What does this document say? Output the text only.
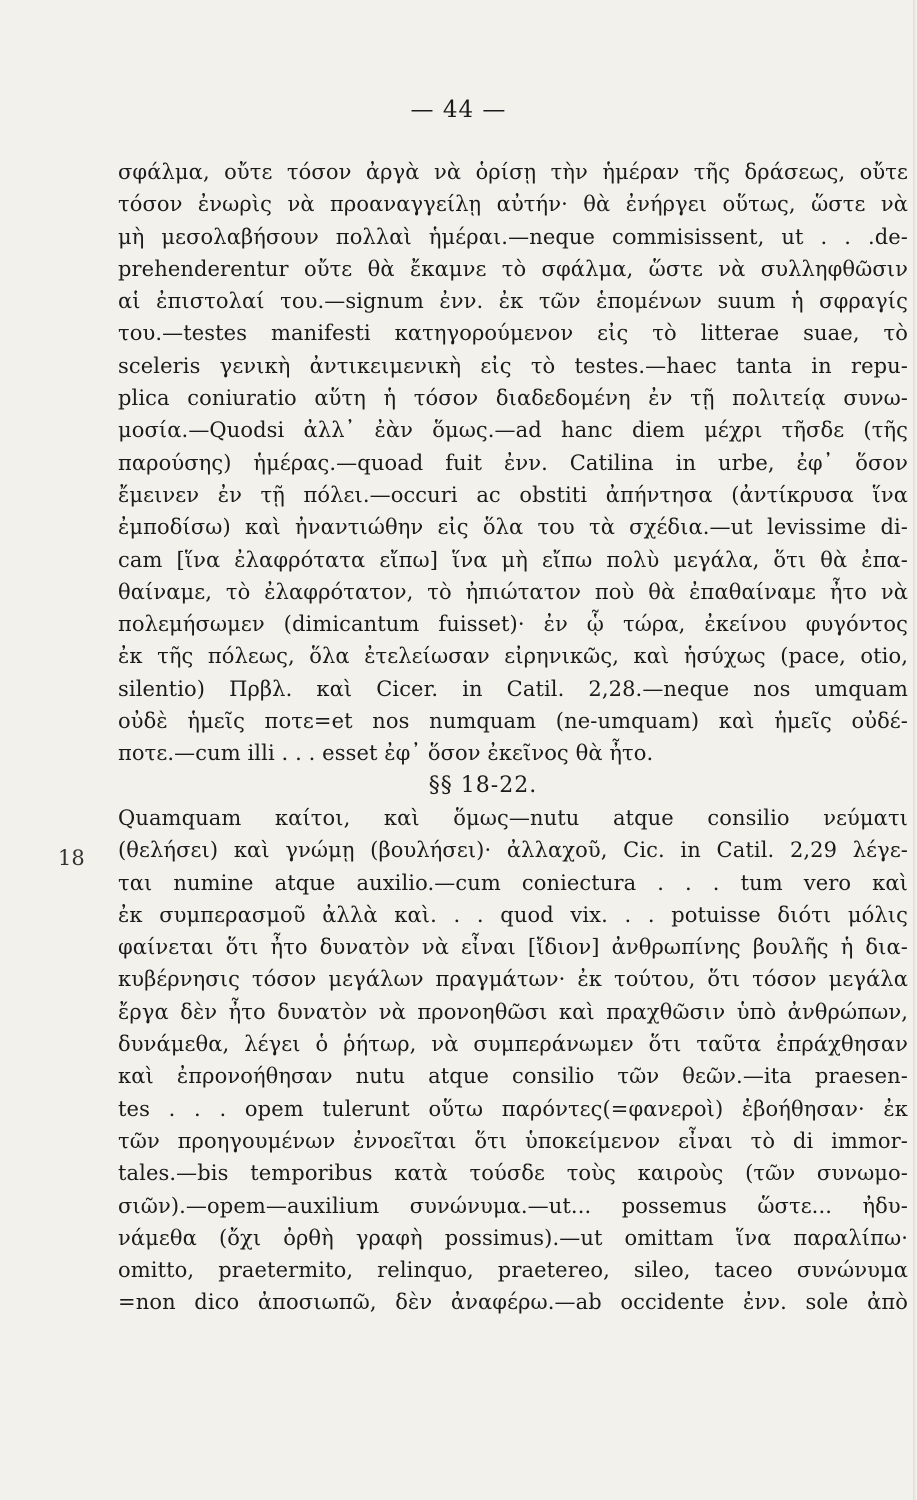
— 44 —
18
σφάλμα, οὔτε τόσον ἀργὰ νὰ ὁρίσῃ τὴν ἡμέραν τῆς δράσεως, οὔτε
τόσον ἐνωρὶς νὰ προαναγγείλῃ αὐτήν· θὰ ἐνήργει οὕτως, ὥστε νὰ
μὴ μεσολαβήσουν πολλαὶ ἡμέραι.—neque commisissent, ut . . .de-
prehenderentur οὔτε θὰ ἔκαμνε τὸ σφάλμα, ὥστε νὰ συλληφθῶσιν
αἱ ἐπιστολαί του.—signum ἐνν. ἐκ τῶν ἑπομένων suum ἡ σφραγίς
του.—testes manifesti κατηγορούμενον εἰς τὸ litterae suae, τὸ
sceleris γενικὴ ἀντικειμενικὴ εἰς τὸ testes.—haec tanta in repu-
plica coniuratio αὕτη ἡ τόσον διαδεδομένη ἐν τῇ πολιτείᾳ συνω-
μοσία.—Quodsi ἀλλ᾽ ἐὰν ὅμως.—ad hanc diem μέχρι τῆσδε (τῆς
παρούσης) ἡμέρας.—quoad fuit ἐνν. Catilina in urbe, ἐφ᾽ ὅσον
ἔμεινεν ἐν τῇ πόλει.—occuri ac obstiti ἀπήντησα (ἀντίκρυσα ἵνα
ἐμποδίσω) καὶ ἠναντιώθην εἰς ὅλα του τὰ σχέδια.—ut levissime di-
cam [ἵνα ἐλαφρότατα εἴπω] ἵνα μὴ εἴπω πολὺ μεγάλα, ὅτι θὰ ἐπα-
θαίναμε, τὸ ἐλαφρότατον, τὸ ἠπιώτατον ποὺ θὰ ἐπαθαίναμε ἦτο νὰ
πολεμήσωμεν (dimicantum fuisset)· ἐν ᾧ τώρα, ἐκείνου φυγόντος
ἐκ τῆς πόλεως, ὅλα ἐτελείωσαν εἰρηνικῶς, καὶ ἡσύχως (pace, otio,
silentio) Πρβλ. καὶ Cicer. in Catil. 2,28.—neque nos umquam
οὐδὲ ἡμεῖς ποτε=et nos numquam (ne-umquam) καὶ ἡμεῖς οὐδέ-
ποτε.—cum illi . . . esset ἐφ᾽ ὅσον ἐκεῖνος θὰ ἦτο.
§§ 18-22.
Quamquam καίτοι, καὶ ὅμως—nutu atque consilio νεύματι
(θελήσει) καὶ γνώμῃ (βουλήσει)· ἀλλαχοῦ, Cic. in Catil. 2,29 λέγε-
ται numine atque auxilio.—cum coniectura . . . tum vero καὶ
ἐκ συμπερασμοῦ ἀλλὰ καὶ. . . quod vix. . . potuisse διότι μόλις
φαίνεται ὅτι ἦτο δυνατὸν νὰ εἶναι [ἴδιον] ἀνθρωπίνης βουλῆς ἡ δια-
κυβέρνησις τόσον μεγάλων πραγμάτων· ἐκ τούτου, ὅτι τόσον μεγάλα
ἔργα δὲν ἦτο δυνατὸν νὰ προνοηθῶσι καὶ πραχθῶσιν ὑπὸ ἀνθρώπων,
δυνάμεθα, λέγει ὁ ῥήτωρ, νὰ συμπεράνωμεν ὅτι ταῦτα ἐπράχθησαν
καὶ ἐπρονοήθησαν nutu atque consilio τῶν θεῶν.—ita praesen-
tes . . . opem tulerunt οὕτω παρόντες(=φανεροὶ) ἐβοήθησαν· ἐκ
τῶν προηγουμένων ἐννοεῖται ὅτι ὑποκείμενον εἶναι τὸ di immor-
tales.—bis temporibus κατὰ τούσδε τοὺς καιροὺς (τῶν συνωμο-
σιῶν).—opem—auxilium συνώνυμα.—ut... possemus ὥστε... ἠδυ-
νάμεθα (ὄχι ὀρθὴ γραφὴ possimus).—ut omittam ἵνα παραλίπω·
omitto, praetermito, relinquo, praetereo, sileo, taceo συνώνυμα
=non dico ἀποσιωπῶ, δὲν ἀναφέρω.—ab occidente ἐνν. sole ἀπὸ
